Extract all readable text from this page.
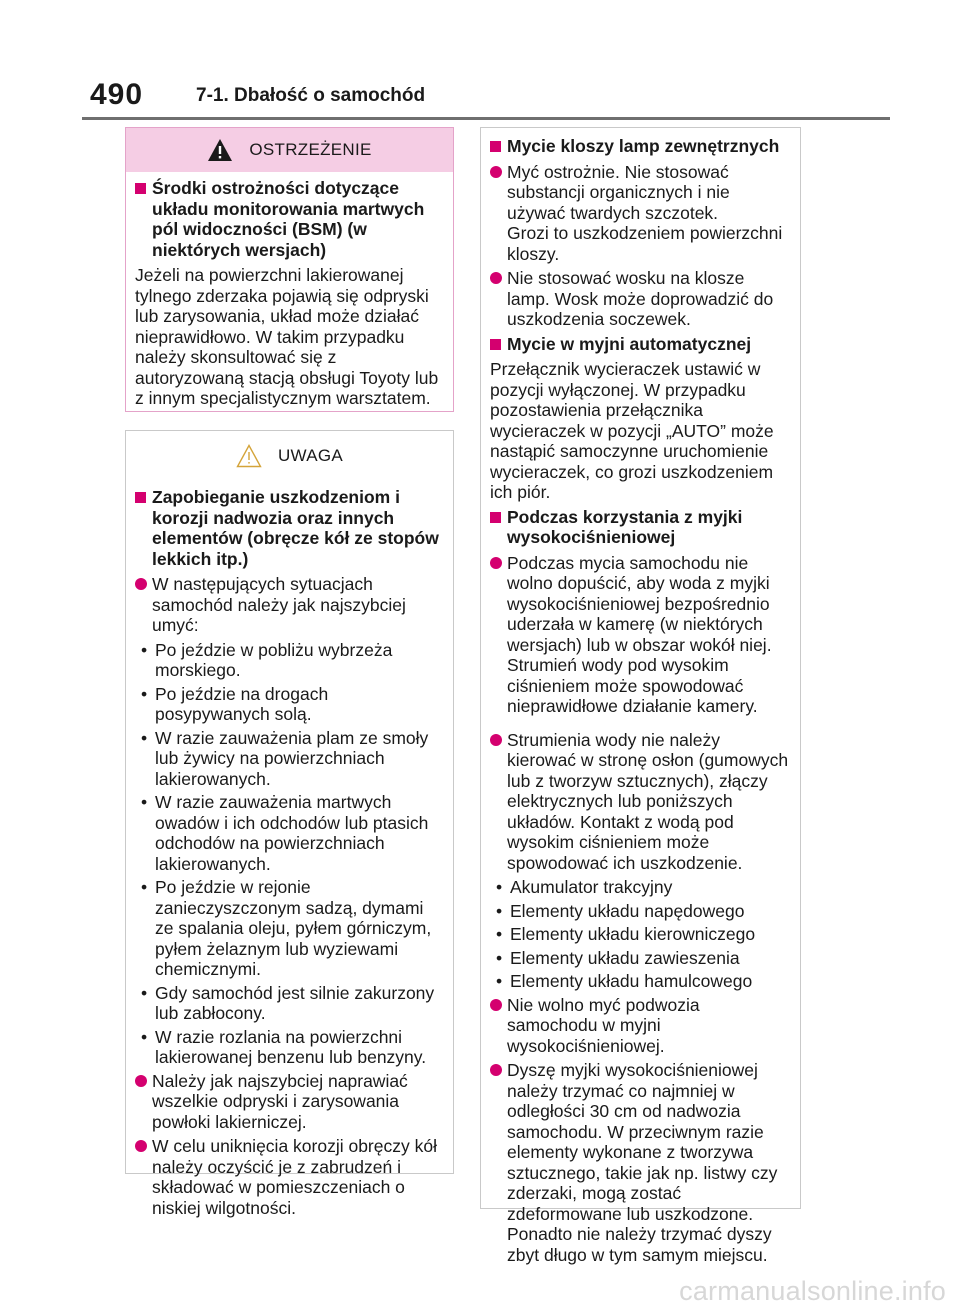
490	7-1. Dbałość o samochód
OSTRZEŻENIE
Środki ostrożności dotyczące układu monitorowania martwych pól widoczności (BSM) (w niektórych wersjach)
Jeżeli na powierzchni lakierowanej tylnego zderzaka pojawią się odpryski lub zarysowania, układ może działać nieprawidłowo. W takim przypadku należy skonsultować się z autoryzowaną stacją obsługi Toyoty lub z innym specjalistycznym warsztatem.
UWAGA
Zapobieganie uszkodzeniom i korozji nadwozia oraz innych elementów (obręcze kół ze stopów lekkich itp.)
W następujących sytuacjach samochód należy jak najszybciej umyć:
• Po jeździe w pobliżu wybrzeża morskiego.
• Po jeździe na drogach posypywanych solą.
• W razie zauważenia plam ze smoły lub żywicy na powierzchniach lakierowanych.
• W razie zauważenia martwych owadów i ich odchodów lub ptasich odchodów na powierzchniach lakierowanych.
• Po jeździe w rejonie zanieczyszczonym sadzą, dymami ze spalania oleju, pyłem górniczym, pyłem żelaznym lub wyziewami chemicznymi.
• Gdy samochód jest silnie zakurzony lub zabłocony.
• W razie rozlania na powierzchni lakierowanej benzenu lub benzyny.
Należy jak najszybciej naprawiać wszelkie odpryski i zarysowania powłoki lakierniczej.
W celu uniknięcia korozji obręczy kół należy oczyścić je z zabrudzeń i składować w pomieszczeniach o niskiej wilgotności.
Mycie kloszy lamp zewnętrznych
Myć ostrożnie. Nie stosować substancji organicznych i nie używać twardych szczotek.
Grozi to uszkodzeniem powierzchni kloszy.
Nie stosować wosku na klosze lamp. Wosk może doprowadzić do uszkodzenia soczewek.
Mycie w myjni automatycznej
Przełącznik wycieraczek ustawić w pozycji wyłączonej. W przypadku pozostawienia przełącznika wycieraczek w pozycji „AUTO” może nastąpić samoczynne uruchomienie wycieraczek, co grozi uszkodzeniem ich piór.
Podczas korzystania z myjki wysokociśnieniowej
Podczas mycia samochodu nie wolno dopuścić, aby woda z myjki wysokociśnieniowej bezpośrednio uderzała w kamerę (w niektórych wersjach) lub w obszar wokół niej. Strumień wody pod wysokim ciśnieniem może spowodować nieprawidłowe działanie kamery.
Strumienia wody nie należy kierować w stronę osłon (gumowych lub z tworzyw sztucznych), złączy elektrycznych lub poniższych układów. Kontakt z wodą pod wysokim ciśnieniem może spowodować ich uszkodzenie.
• Akumulator trakcyjny
• Elementy układu napędowego
• Elementy układu kierowniczego
• Elementy układu zawieszenia
• Elementy układu hamulcowego
Nie wolno myć podwozia samochodu w myjni wysokociśnieniowej.
Dyszę myjki wysokociśnieniowej należy trzymać co najmniej w odległości 30 cm od nadwozia samochodu. W przeciwnym razie elementy wykonane z tworzywa sztucznego, takie jak np. listwy czy zderzaki, mogą zostać zdeformowane lub uszkodzone. Ponadto nie należy trzymać dyszy zbyt długo w tym samym miejscu.
carmanualsonline.info
